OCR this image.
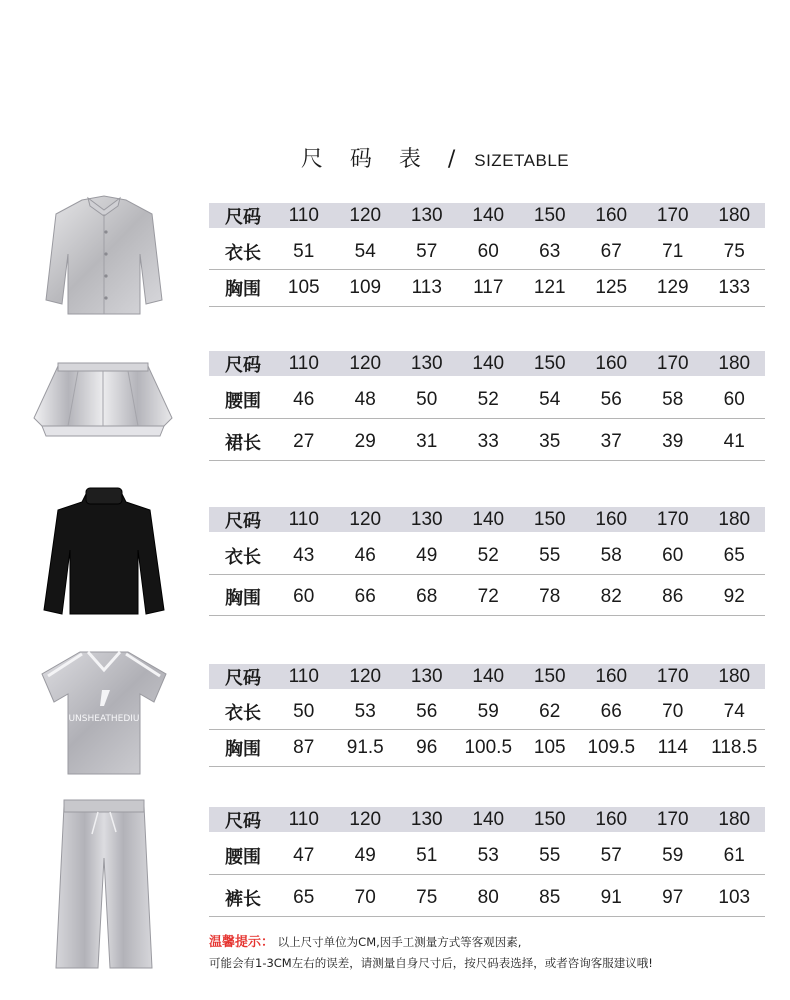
尺 码 表 / SIZETABLE
UNSHEATHEDIU
尺码	110	120	130	140	150	160	170	180
衣长	51	54	57	60	63	67	71	75
胸围	105	109	113	117	121	125	129	133
尺码	110	120	130	140	150	160	170	180
腰围	46	48	50	52	54	56	58	60
裙长	27	29	31	33	35	37	39	41
尺码	110	120	130	140	150	160	170	180
衣长	43	46	49	52	55	58	60	65
胸围	60	66	68	72	78	82	86	92
尺码	110	120	130	140	150	160	170	180
衣长	50	53	56	59	62	66	70	74
胸围	87	91.5	96	100.5	105	109.5	114	118.5
尺码	110	120	130	140	150	160	170	180
腰围	47	49	51	53	55	57	59	61
裤长	65	70	75	80	85	91	97	103
温馨提示： 以上尺寸单位为CM,因手工测量方式等客观因素,
可能会有1-3CM左右的误差，请测量自身尺寸后，按尺码表选择，或者咨询客服建议哦!
